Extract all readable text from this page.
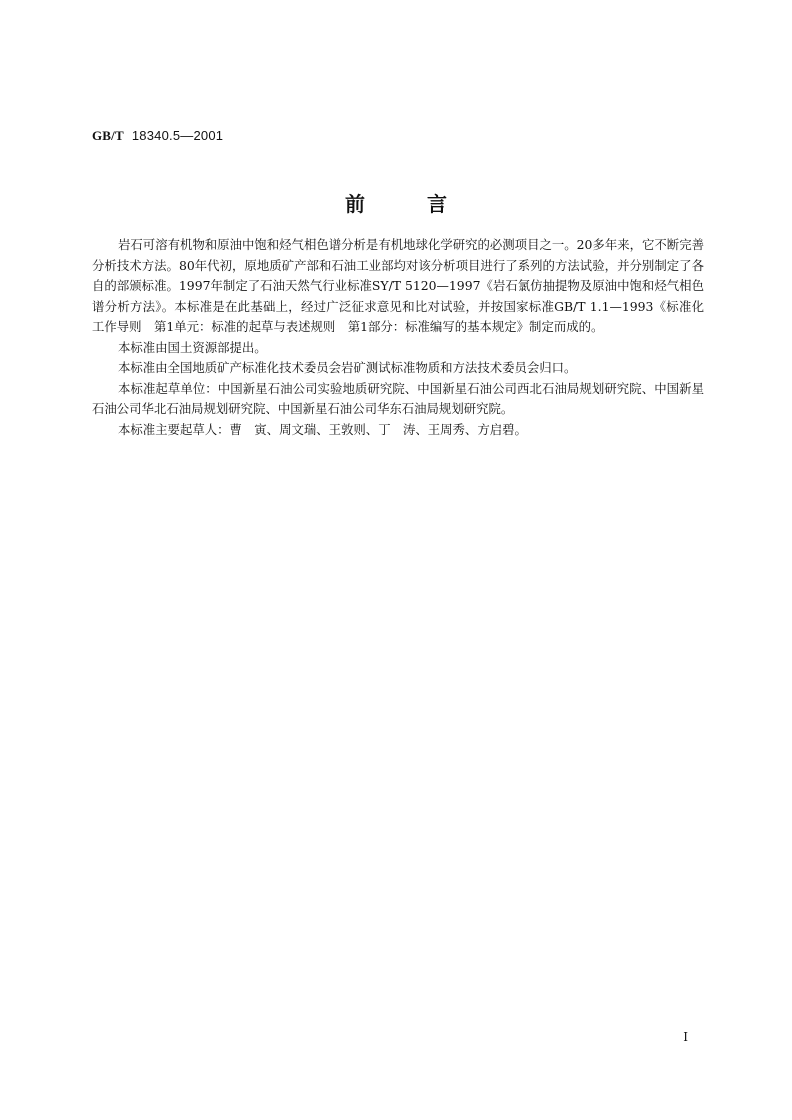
GB/T 18340.5—2001
前言

岩石可溶有机物和原油中饱和烃气相色谱分析是有机地球化学研究的必测项目之一。20多年来，它不断完善分析技术方法。80年代初，原地质矿产部和石油工业部均对该分析项目进行了系列的方法试验，并分别制定了各自的部颁标准。1997年制定了石油天然气行业标准SY/T 5120—1997《岩石氯仿抽提物及原油中饱和烃气相色谱分析方法》。本标准是在此基础上，经过广泛征求意见和比对试验，并按国家标准GB/T 1.1—1993《标准化工作导则　第1单元：标准的起草与表述规则　第1部分：标准编写的基本规定》制定而成的。

本标准由国土资源部提出。

本标准由全国地质矿产标准化技术委员会岩矿测试标准物质和方法技术委员会归口。

本标准起草单位：中国新星石油公司实验地质研究院、中国新星石油公司西北石油局规划研究院、中国新星石油公司华北石油局规划研究院、中国新星石油公司华东石油局规划研究院。

本标准主要起草人：曹　寅、周文瑞、王敦则、丁　涛、王周秀、方启碧。

I
